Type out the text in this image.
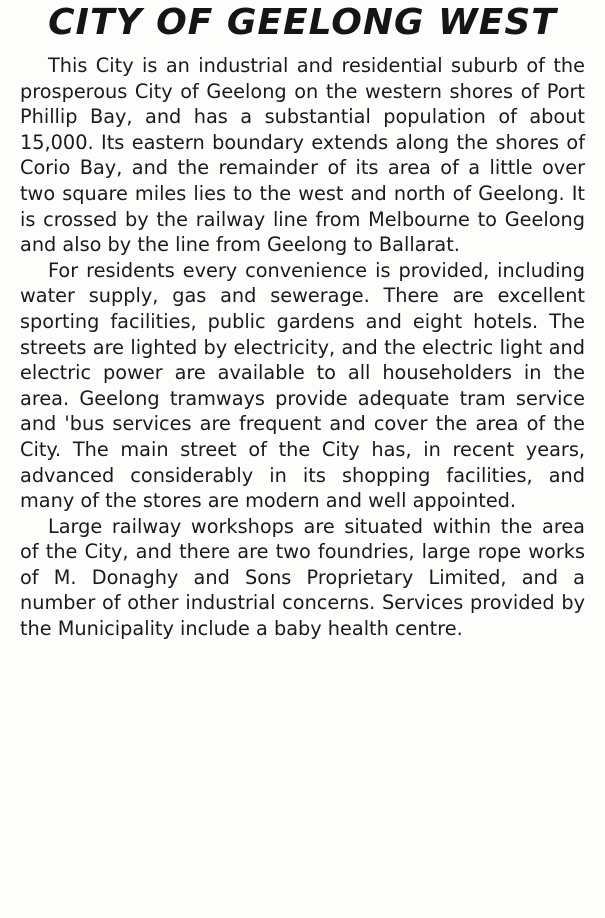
CITY OF GEELONG WEST

This City is an industrial and residential suburb of the prosperous City of Geelong on the western shores of Port Phillip Bay, and has a substantial population of about 15,000. Its eastern boundary extends along the shores of Corio Bay, and the remainder of its area of a little over two square miles lies to the west and north of Geelong. It is crossed by the railway line from Melbourne to Geelong and also by the line from Geelong to Ballarat.

For residents every convenience is provided, including water supply, gas and sewerage. There are excellent sporting facilities, public gardens and eight hotels. The streets are lighted by electricity, and the electric light and electric power are available to all householders in the area. Geelong tramways provide adequate tram service and 'bus services are frequent and cover the area of the City. The main street of the City has, in recent years, advanced considerably in its shopping facilities, and many of the stores are modern and well appointed.

Large railway workshops are situated within the area of the City, and there are two foundries, large rope works of M. Donaghy and Sons Proprietary Limited, and a number of other industrial concerns. Services provided by the Municipality include a baby health centre.
